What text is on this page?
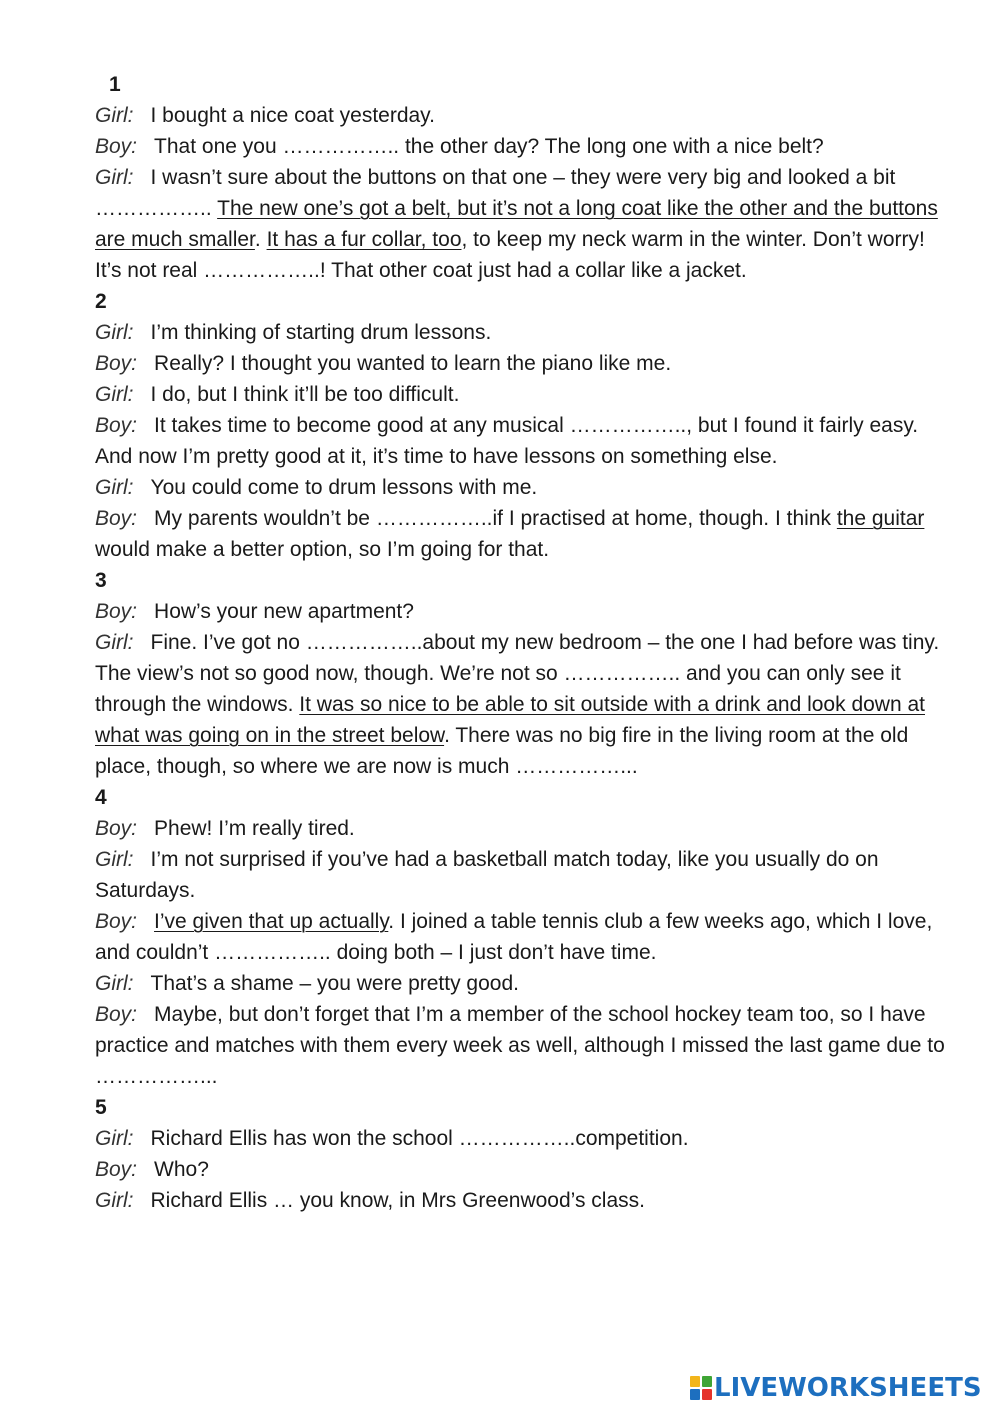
1

Girl: I bought a nice coat yesterday.

Boy: That one you …………….. the other day? The long one with a nice belt?

Girl: I wasn’t sure about the buttons on that one – they were very big and looked a bit …………….. The new one’s got a belt, but it’s not a long coat like the other and the buttons are much smaller. It has a fur collar, too, to keep my neck warm in the winter. Don’t worry! It’s not real ……………..! That other coat just had a collar like a jacket.

2

Girl: I’m thinking of starting drum lessons.

Boy: Really? I thought you wanted to learn the piano like me.

Girl: I do, but I think it’ll be too difficult.

Boy: It takes time to become good at any musical …………….., but I found it fairly easy. And now I’m pretty good at it, it’s time to have lessons on something else.

Girl: You could come to drum lessons with me.

Boy: My parents wouldn’t be ……………..if I practised at home, though. I think the guitar would make a better option, so I’m going for that.

3

Boy: How’s your new apartment?

Girl: Fine. I’ve got no ……………..about my new bedroom – the one I had before was tiny. The view’s not so good now, though. We’re not so …………….. and you can only see it through the windows. It was so nice to be able to sit outside with a drink and look down at what was going on in the street below. There was no big fire in the living room at the old place, though, so where we are now is much ……………...

4

Boy: Phew! I’m really tired.

Girl: I’m not surprised if you’ve had a basketball match today, like you usually do on Saturdays.

Boy: I’ve given that up actually. I joined a table tennis club a few weeks ago, which I love, and couldn’t …………….. doing both – I just don’t have time.

Girl: That’s a shame – you were pretty good.

Boy: Maybe, but don’t forget that I’m a member of the school hockey team too, so I have practice and matches with them every week as well, although I missed the last game due to ……………...

5

Girl: Richard Ellis has won the school ……………..competition.

Boy: Who?

Girl: Richard Ellis … you know, in Mrs Greenwood’s class.

LIVEWORKSHEETS
